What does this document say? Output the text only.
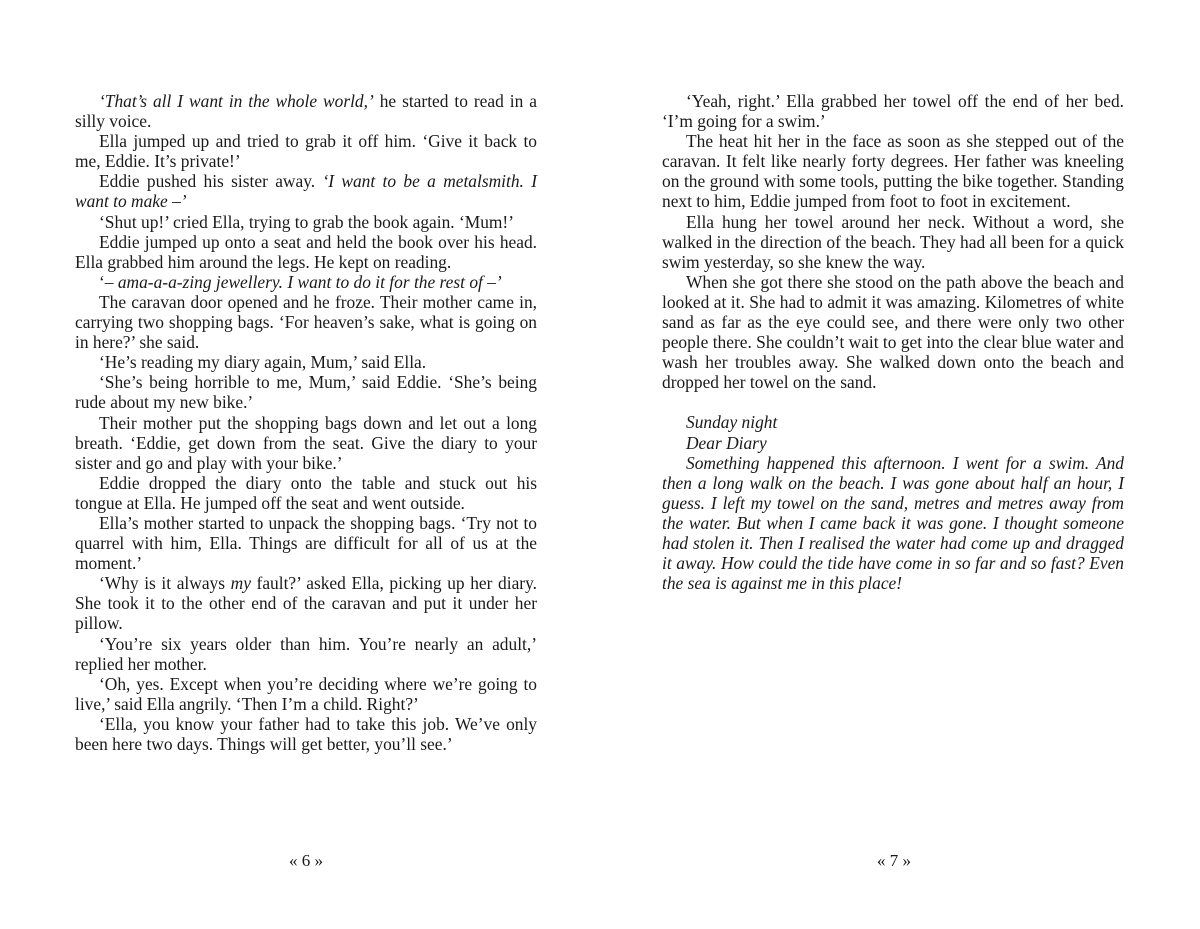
‘That’s all I want in the whole world,’ he started to read in a silly voice.

Ella jumped up and tried to grab it off him. ‘Give it back to me, Eddie. It’s private!’

Eddie pushed his sister away. ‘I want to be a metalsmith. I want to make –’

‘Shut up!’ cried Ella, trying to grab the book again. ‘Mum!’

Eddie jumped up onto a seat and held the book over his head. Ella grabbed him around the legs. He kept on reading.

‘– ama-a-a-zing jewellery. I want to do it for the rest of –’

The caravan door opened and he froze. Their mother came in, carrying two shopping bags. ‘For heaven’s sake, what is going on in here?’ she said.

‘He’s reading my diary again, Mum,’ said Ella.

‘She’s being horrible to me, Mum,’ said Eddie. ‘She’s being rude about my new bike.’

Their mother put the shopping bags down and let out a long breath. ‘Eddie, get down from the seat. Give the diary to your sister and go and play with your bike.’

Eddie dropped the diary onto the table and stuck out his tongue at Ella. He jumped off the seat and went outside.

Ella’s mother started to unpack the shopping bags. ‘Try not to quarrel with him, Ella. Things are difficult for all of us at the moment.’

‘Why is it always my fault?’ asked Ella, picking up her diary. She took it to the other end of the caravan and put it under her pillow.

‘You’re six years older than him. You’re nearly an adult,’ replied her mother.

‘Oh, yes. Except when you’re deciding where we’re going to live,’ said Ella angrily. ‘Then I’m a child. Right?’

‘Ella, you know your father had to take this job. We’ve only been here two days. Things will get better, you’ll see.’

« 6 »

‘Yeah, right.’ Ella grabbed her towel off the end of her bed. ‘I’m going for a swim.’

The heat hit her in the face as soon as she stepped out of the caravan. It felt like nearly forty degrees. Her father was kneeling on the ground with some tools, putting the bike together. Standing next to him, Eddie jumped from foot to foot in excitement.

Ella hung her towel around her neck. Without a word, she walked in the direction of the beach. They had all been for a quick swim yesterday, so she knew the way.

When she got there she stood on the path above the beach and looked at it. She had to admit it was amazing. Kilometres of white sand as far as the eye could see, and there were only two other people there. She couldn’t wait to get into the clear blue water and wash her troubles away. She walked down onto the beach and dropped her towel on the sand.

Sunday night

Dear Diary

Something happened this afternoon. I went for a swim. And then a long walk on the beach. I was gone about half an hour, I guess. I left my towel on the sand, metres and metres away from the water. But when I came back it was gone. I thought someone had stolen it. Then I realised the water had come up and dragged it away. How could the tide have come in so far and so fast? Even the sea is against me in this place!

« 7 »
